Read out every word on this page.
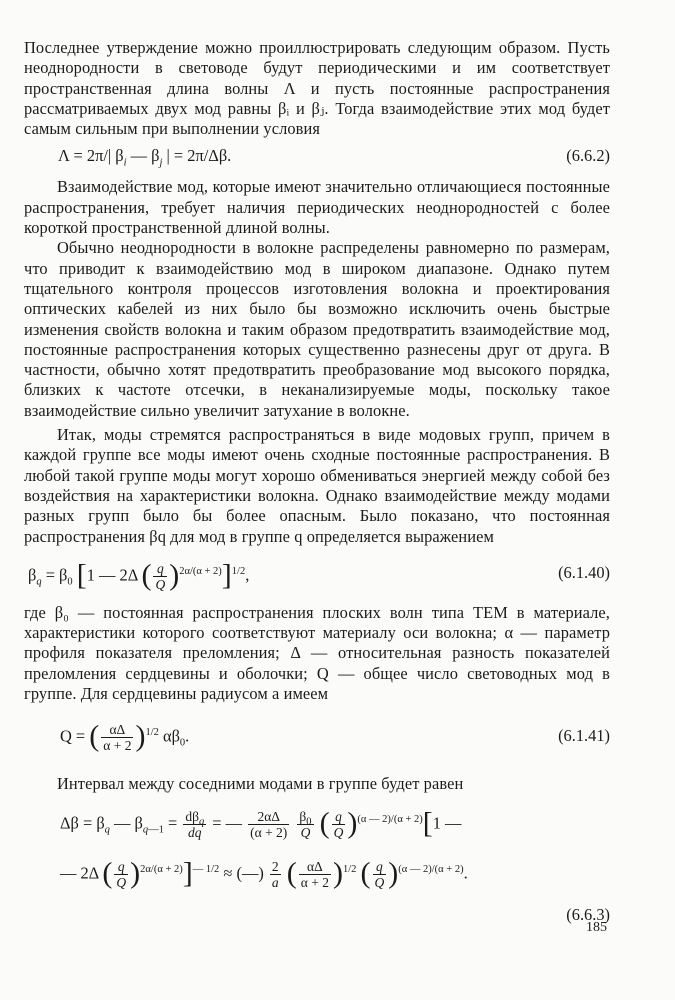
Последнее утверждение можно проиллюстрировать следующим образом. Пусть неоднородности в световоде будут периодическими и им соответствует пространственная длина волны Λ и пусть постоянные распространения рассматриваемых двух мод равны βᵢ и βⱼ. Тогда взаимодействие этих мод будет самым сильным при выполнении условия

Λ = 2π/| $\beta_i$ — $\beta_j$ | = 2π/Δβ.	(6.6.2)

Взаимодействие мод, которые имеют значительно отличающиеся постоянные распространения, требует наличия периодических неоднородностей с более короткой пространственной длиной волны.

Обычно неоднородности в волокне распределены равномерно по размерам, что приводит к взаимодействию мод в широком диапазоне. Однако путем тщательного контроля процессов изготовления волокна и проектирования оптических кабелей из них было бы возможно исключить очень быстрые изменения свойств волокна и таким образом предотвратить взаимодействие мод, постоянные распространения которых существенно разнесены друг от друга. В частности, обычно хотят предотвратить преобразование мод высокого порядка, близких к частоте отсечки, в неканализируемые моды, поскольку такое взаимодействие сильно увеличит затухание в волокне.

Итак, моды стремятся распространяться в виде модовых групп, причем в каждой группе все моды имеют очень сходные постоянные распространения. В любой такой группе моды могут хорошо обмениваться энергией между собой без воздействия на характеристики волокна. Однако взаимодействие между модами разных групп было бы более опасным. Было показано, что постоянная распространения βq для мод в группе q определяется выражением

$\beta_q = \beta_0$ [1 — 2Δ ( $\frac{q}{Q} )^{2\alpha/(\alpha + 2)}]^{1/2}$,	(6.1.40)

где β₀ — постоянная распространения плоских волн типа TEM в материале, характеристики которого соответствуют материалу оси волокна; α — параметр профиля показателя преломления; Δ — относительная разность показателей преломления сердцевины и оболочки; Q — общее число световодных мод в группе. Для сердцевины радиусом a имеем

Q = ( $\frac{\alpha\Delta}{\alpha + 2} )^{1/2}$ $\alpha\beta_0$.	(6.1.41)

Интервал между соседними модами в группе будет равен

$\Delta\beta = \beta_q$ — $\beta_{q—1} = \frac{d\beta_q}{dq}$ = — $\frac{2\alpha\Delta}{(\alpha + 2)}$
$\frac{\beta_0}{Q}$ ( $\frac{q}{Q} )^{(\alpha — 2)/(\alpha + 2)}[1$ —
— 2Δ ( $\frac{q}{Q} )^{2\alpha/(\alpha + 2)}]^{— 1/2}$ ≈ (—) $\frac{2}{a}$ ( $\frac{\alpha\Delta}{\alpha + 2} )^{1/2}$ ( $\frac{q}{Q} )^{(\alpha — 2)/(\alpha + 2)}$.
(6.6.3)
185
